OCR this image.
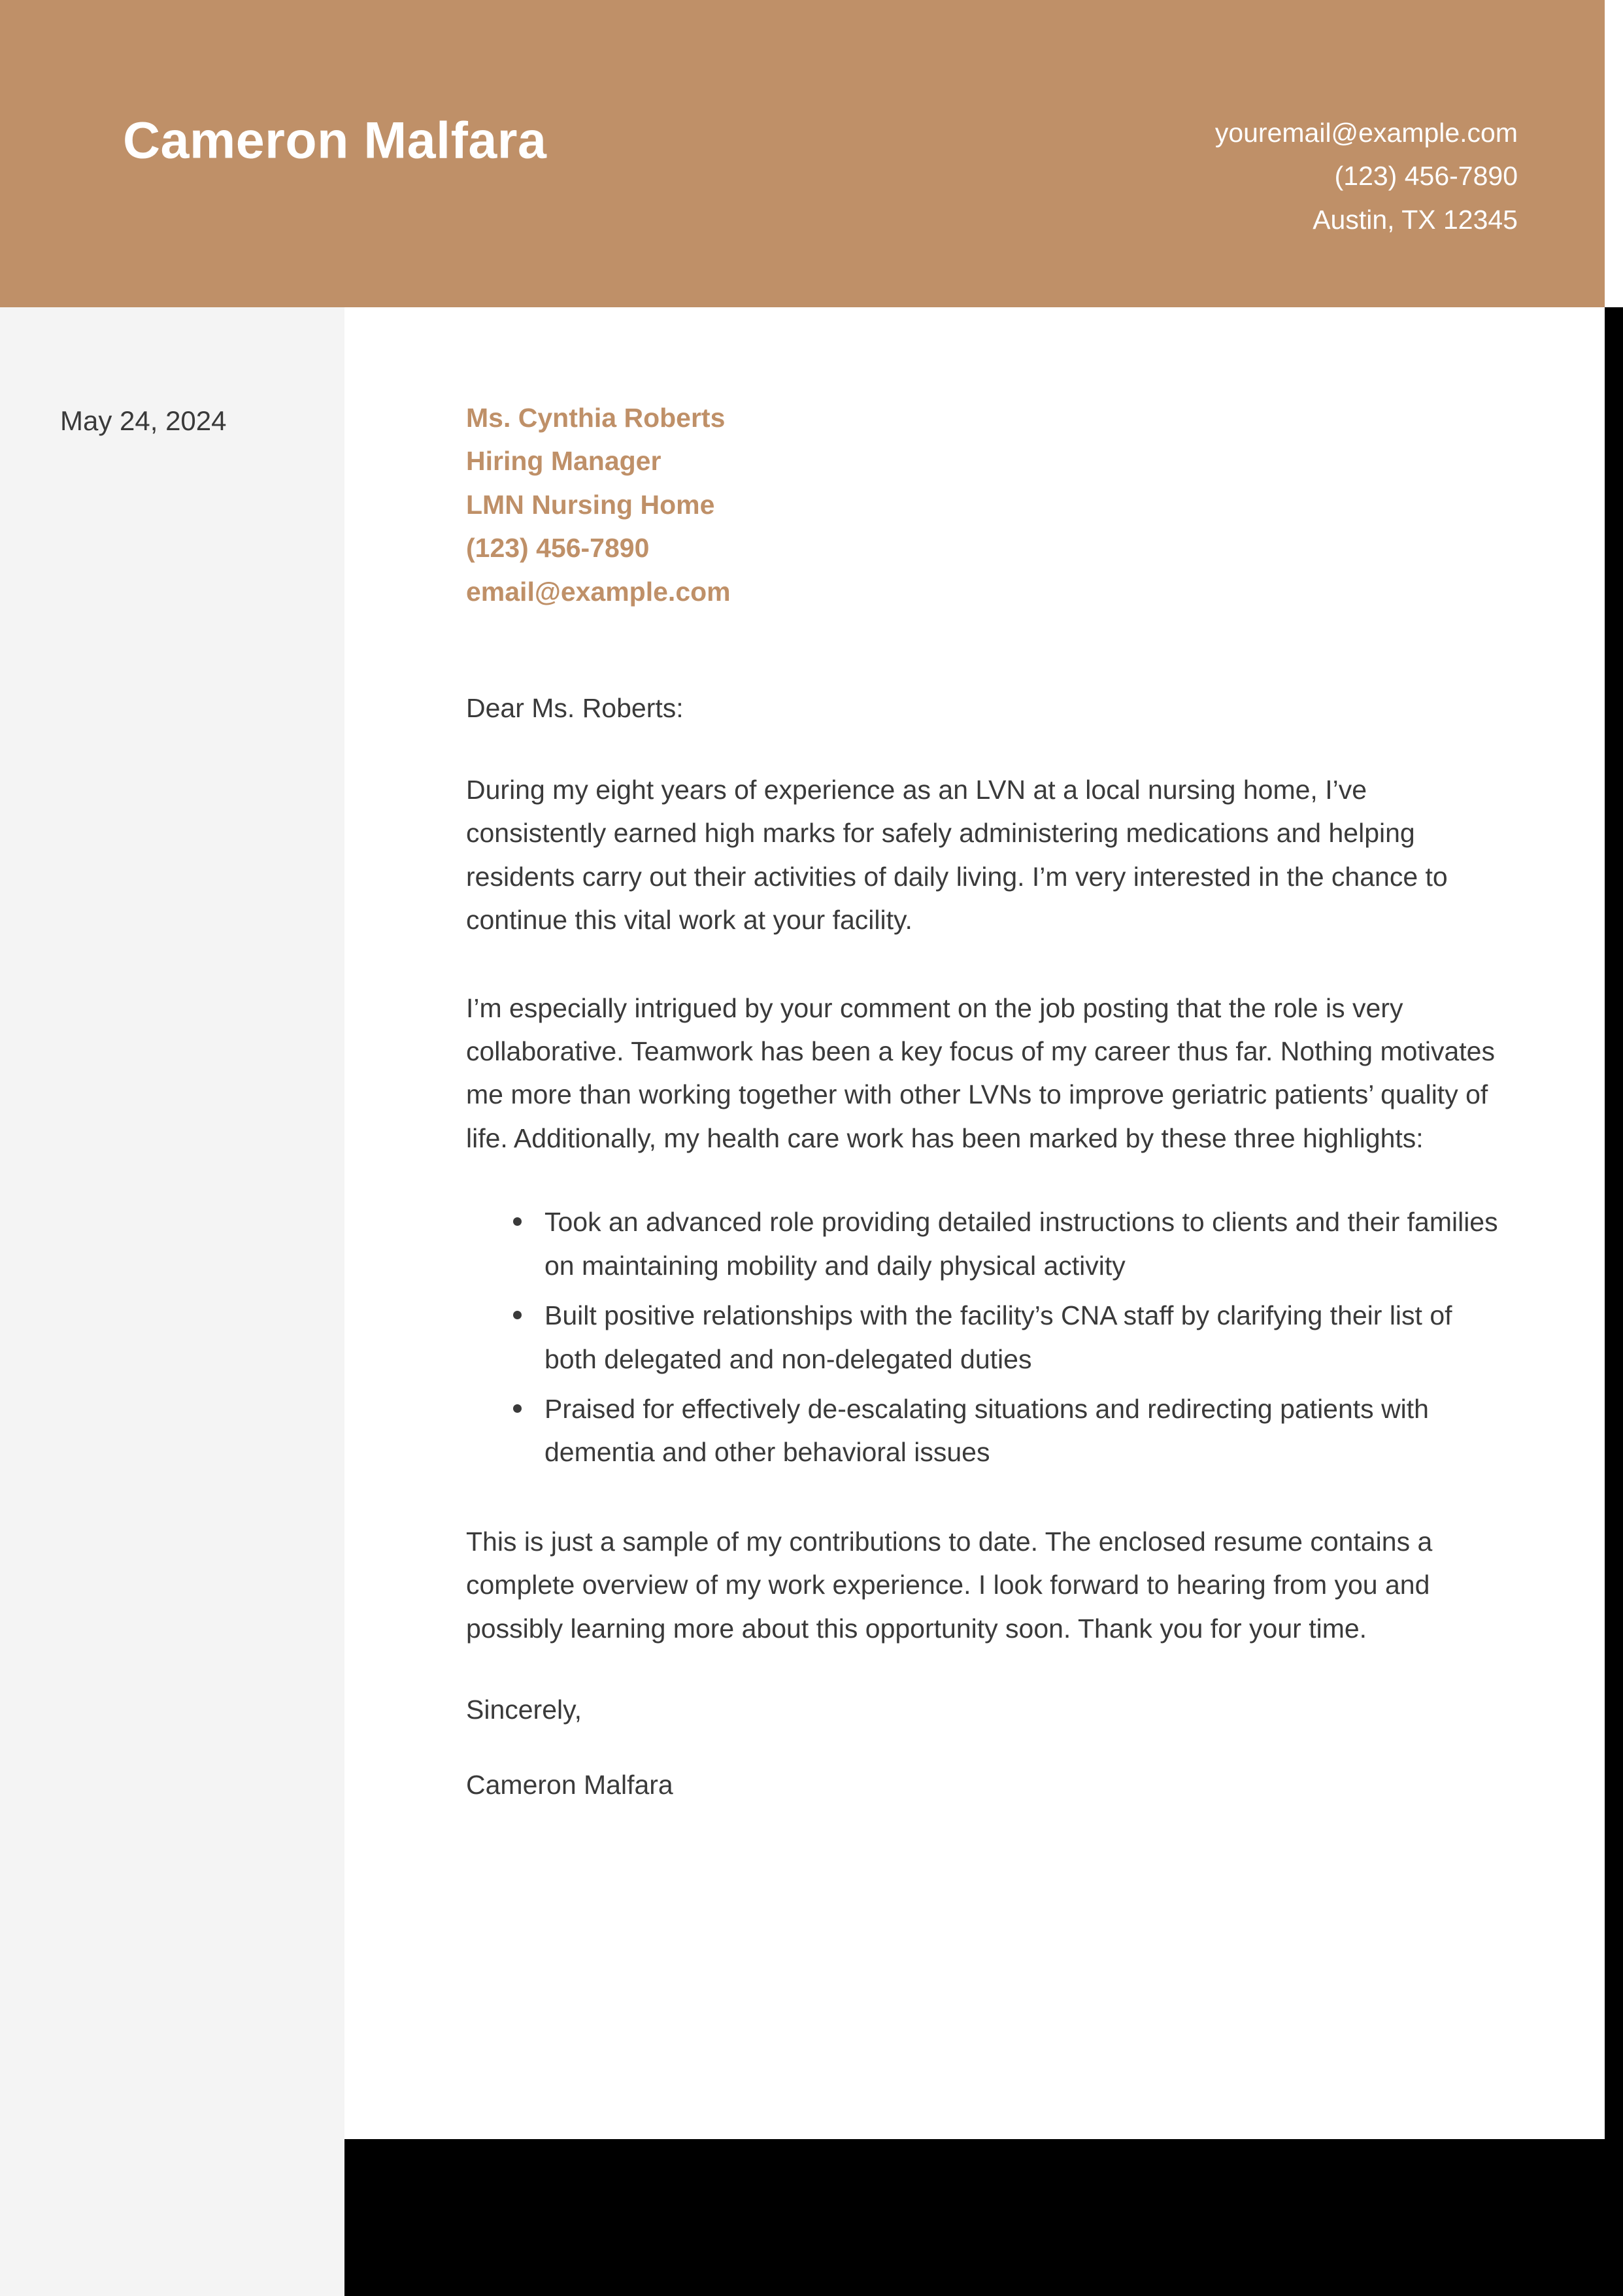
Cameron Malfara	youremail@example.com
(123) 456-7890
Austin, TX 12345
May 24, 2024	Ms. Cynthia Roberts
Hiring Manager
LMN Nursing Home
(123) 456-7890
email@example.com
Dear Ms. Roberts:
During my eight years of experience as an LVN at a local nursing home, I’ve consistently earned high marks for safely administering medications and helping residents carry out their activities of daily living. I’m very interested in the chance to continue this vital work at your facility.
I’m especially intrigued by your comment on the job posting that the role is very collaborative. Teamwork has been a key focus of my career thus far. Nothing motivates me more than working together with other LVNs to improve geriatric patients’ quality of life. Additionally, my health care work has been marked by these three highlights:
Took an advanced role providing detailed instructions to clients and their families on maintaining mobility and daily physical activity
Built positive relationships with the facility’s CNA staff by clarifying their list of both delegated and non-delegated duties
Praised for effectively de-escalating situations and redirecting patients with dementia and other behavioral issues
This is just a sample of my contributions to date. The enclosed resume contains a complete overview of my work experience. I look forward to hearing from you and possibly learning more about this opportunity soon. Thank you for your time.
Sincerely,
Cameron Malfara
